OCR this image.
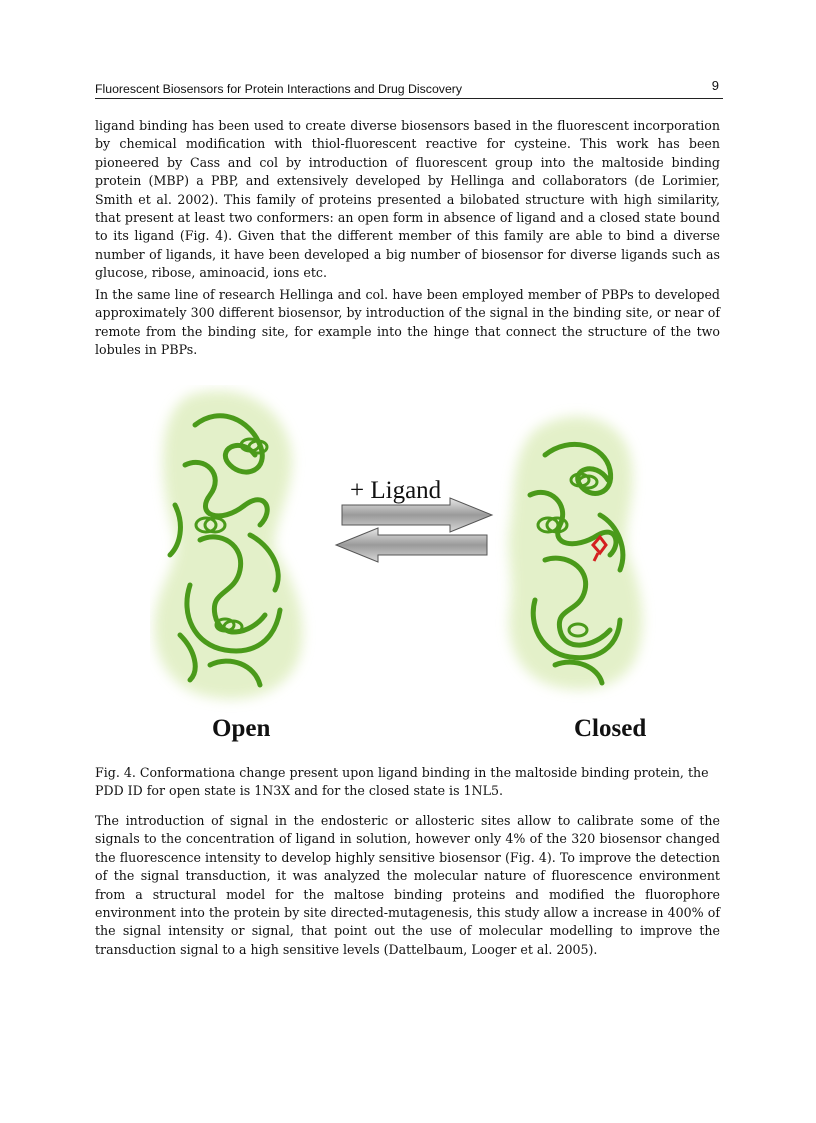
Fluorescent Biosensors for Protein Interactions and Drug Discovery	9

ligand binding has been used to create diverse biosensors based in the fluorescent incorporation by chemical modification with thiol-fluorescent reactive for cysteine. This work has been pioneered by Cass and col by introduction of fluorescent group into the maltoside binding protein (MBP) a PBP, and extensively developed by Hellinga and collaborators (de Lorimier, Smith et al. 2002). This family of proteins presented a bilobated structure with high similarity, that present at least two conformers: an open form in absence of ligand and a closed state bound to its ligand (Fig. 4). Given that the different member of this family are able to bind a diverse number of ligands, it have been developed a big number of biosensor for diverse ligands such as glucose, ribose, aminoacid, ions etc.

In the same line of research Hellinga and col. have been employed member of PBPs to developed approximately 300 different biosensor, by introduction of the signal in the binding site, or near of remote from the binding site, for example into the hinge that connect the structure of the two lobules in PBPs.

+ Ligand
Open	Closed

Fig. 4. Conformationa change present upon ligand binding in the maltoside binding protein, the PDD ID for open state is 1N3X and for the closed state is 1NL5.

The introduction of signal in the endosteric or allosteric sites allow to calibrate some of the signals to the concentration of ligand in solution, however only 4% of the 320 biosensor changed the fluorescence intensity to develop highly sensitive biosensor (Fig. 4). To improve the detection of the signal transduction, it was analyzed the molecular nature of fluorescence environment from a structural model for the maltose binding proteins and modified the fluorophore environment into the protein by site directed-mutagenesis, this study allow a increase in 400% of the signal intensity or signal, that point out the use of molecular modelling to improve the transduction signal to a high sensitive levels (Dattelbaum, Looger et al. 2005).
